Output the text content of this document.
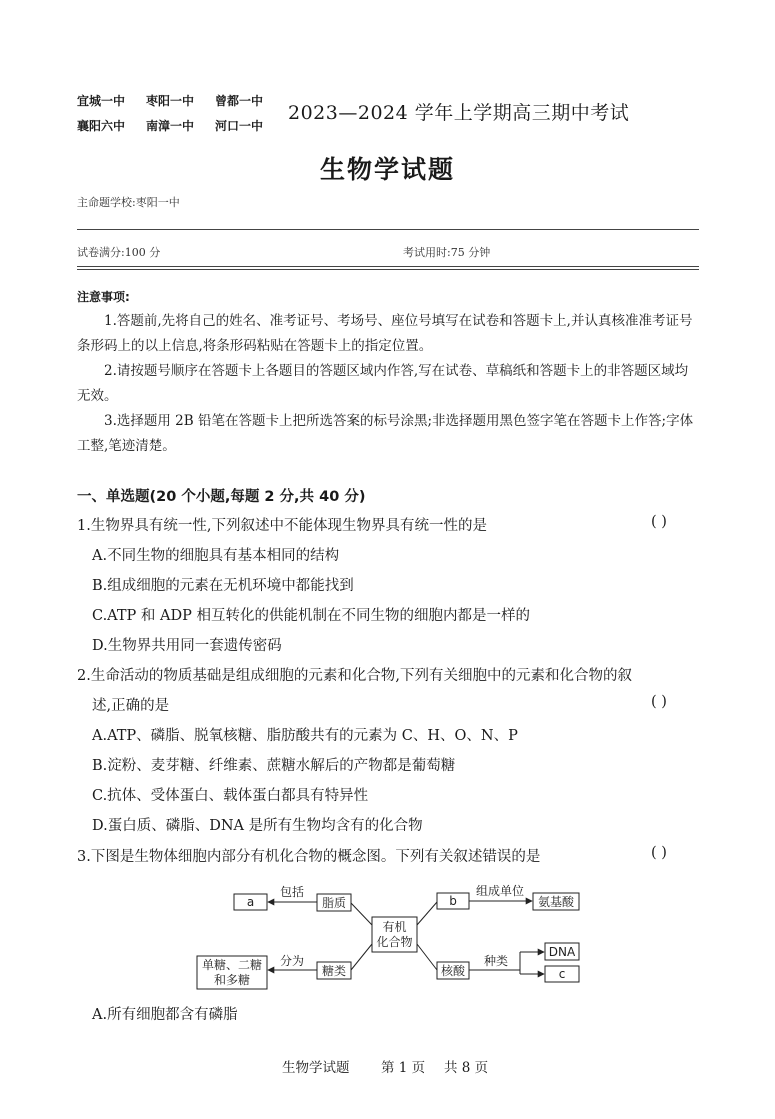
宜城一中 枣阳一中 曾都一中
襄阳六中 南漳一中 河口一中
2023—2024 学年上学期高三期中考试
生物学试题
主命题学校:枣阳一中
试卷满分:100 分	考试用时:75 分钟
注意事项:
1.答题前,先将自己的姓名、准考证号、考场号、座位号填写在试卷和答题卡上,并认真核准准考证号条形码上的以上信息,将条形码粘贴在答题卡上的指定位置。
2.请按题号顺序在答题卡上各题目的答题区域内作答,写在试卷、草稿纸和答题卡上的非答题区域均无效。
3.选择题用 2B 铅笔在答题卡上把所选答案的标号涂黑;非选择题用黑色签字笔在答题卡上作答;字体工整,笔迹清楚。
一、单选题(20 个小题,每题 2 分,共 40 分)
1.生物界具有统一性,下列叙述中不能体现生物界具有统一性的是	( )
A.不同生物的细胞具有基本相同的结构
B.组成细胞的元素在无机环境中都能找到
C.ATP 和 ADP 相互转化的供能机制在不同生物的细胞内都是一样的
D.生物界共用同一套遗传密码
2.生命活动的物质基础是组成细胞的元素和化合物,下列有关细胞中的元素和化合物的叙
述,正确的是	( )
A.ATP、磷脂、脱氧核糖、脂肪酸共有的元素为 C、H、O、N、P
B.淀粉、麦芽糖、纤维素、蔗糖水解后的产物都是葡萄糖
C.抗体、受体蛋白、载体蛋白都具有特异性
D.蛋白质、磷脂、DNA 是所有生物均含有的化合物
3.下图是生物体细胞内部分有机化合物的概念图。下列有关叙述错误的是	( )
有机
化合物
脂质
a
包括
b
组成单位
氨基酸
糖类
分为
单糖、二糖
和多糖
核酸
种类
DNA
c
A.所有细胞都含有磷脂
生物学试题 第 1 页 共 8 页
